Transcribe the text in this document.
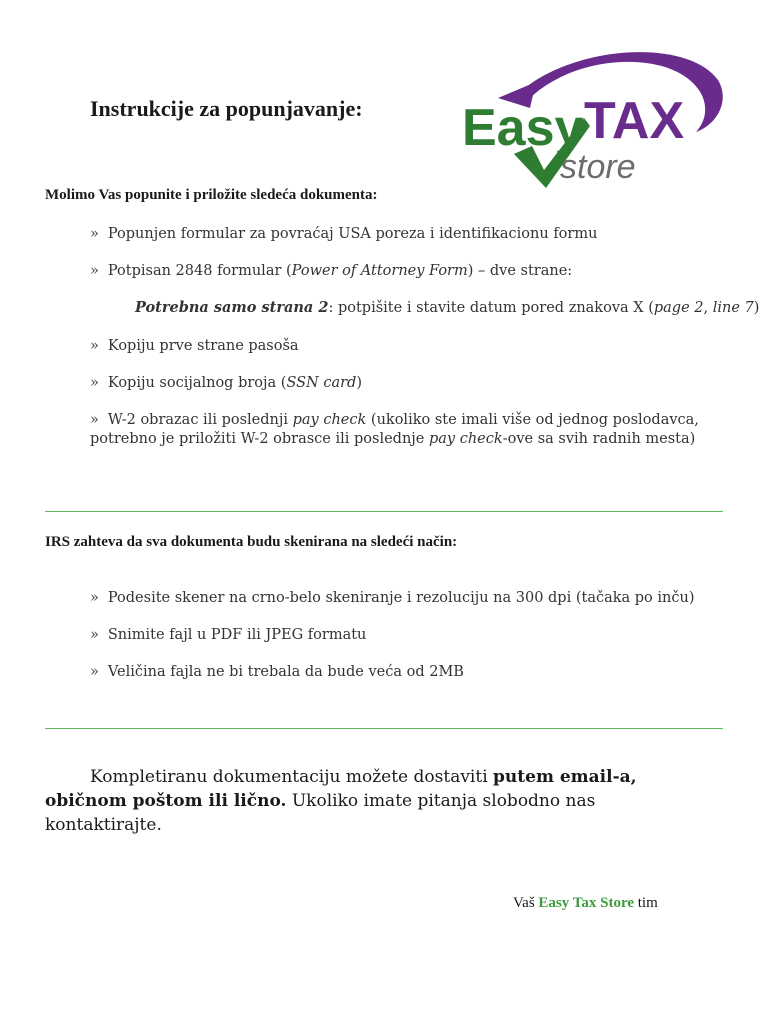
Instrukcije za popunjavanje: Easy TAX
store
Molimo Vas popunite i priložite sledeća dokumenta:
» Popunjen formular za povraćaj USA poreza i identifikacionu formu
» Potpisan 2848 formular (Power of Attorney Form) – dve strane:
Potrebna samo strana 2: potpišite i stavite datum pored znakova X (page 2, line 7)
» Kopiju prve strane pasoša
» Kopiju socijalnog broja (SSN card)
» W-2 obrazac ili poslednji pay check (ukoliko ste imali više od jednog poslodavca, potrebno je priložiti W-2 obrasce ili poslednje pay check-ove sa svih radnih mesta)
IRS zahteva da sva dokumenta budu skenirana na sledeći način:
» Podesite skener na crno-belo skeniranje i rezoluciju na 300 dpi (tačaka po inču)
» Snimite fajl u PDF ili JPEG formatu
» Veličina fajla ne bi trebala da bude veća od 2MB
Kompletiranu dokumentaciju možete dostaviti putem email-a, običnom poštom ili lično. Ukoliko imate pitanja slobodno nas kontaktirajte.
Vaš Easy Tax Store tim
